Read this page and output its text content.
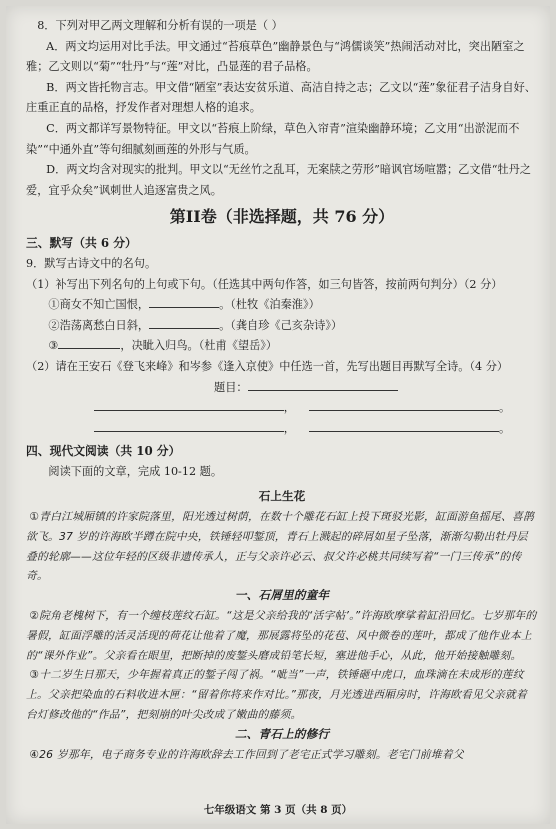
8．下列对甲乙两文理解和分析有误的一项是（ ）

A．两文均运用对比手法。甲文通过“苔痕草色”幽静景色与“鸿儒谈笑”热闹活动对比，突出陋室之雅；乙文则以“菊”“牡丹”与“莲”对比，凸显莲的君子品格。

B．两文皆托物言志。甲文借“陋室”表达安贫乐道、高洁自持之志；乙文以“莲”象征君子洁身自好、庄重正直的品格，抒发作者对理想人格的追求。

C．两文都详写景物特征。甲文以“苔痕上阶绿，草色入帘青”渲染幽静环境；乙文用“出淤泥而不染”“中通外直”等句细腻刻画莲的外形与气质。

D．两文均含对现实的批判。甲文以“无丝竹之乱耳，无案牍之劳形”暗讽官场喧嚣；乙文借“牡丹之爱，宜乎众矣”讽刺世人追逐富贵之风。

第II卷（非选择题，共 76 分）

三、默写（共 6 分）

9．默写古诗文中的名句。

（1）补写出下列名句的上句或下句。（任选其中两句作答，如三句皆答，按前两句判分）（2 分）

①商女不知亡国恨，	。（杜牧《泊秦淮》）

②浩荡离愁白日斜，	。（龚自珍《己亥杂诗》）

③	，决眦入归鸟。（杜甫《望岳》）

（2）请在王安石《登飞来峰》和岑参《逢入京使》中任选一首，先写出题目再默写全诗。（4 分）

题目：

，	。
，	。

四、现代文阅读（共 10 分）

阅读下面的文章，完成 10-12 题。

石上生花

①青白江城厢镇的许家院落里，阳光透过树荫，在数十个雕花石缸上投下斑驳光影，缸面游鱼摇尾、喜鹊欲飞。37 岁的许海欧半蹲在院中央，铁锤轻叩錾顶，青石上溅起的碎屑如星子坠落，渐渐勾勒出牡丹层叠的轮廓——这位年轻的区级非遗传承人，正与父亲许必云、叔父许必桃共同续写着“一门三传承”的传奇。

一、石屑里的童年

②院角老槐树下，有一个缠枝莲纹石缸。“这是父亲给我的‘活字帖’。”许海欧摩挲着缸沿回忆。七岁那年的暑假，缸面浮雕的活灵活现的荷花让他着了魔，那展露将坠的花苞、风中微卷的莲叶，都成了他作业本上的“课外作业”。父亲看在眼里，把断掉的废錾头磨成铅笔长短，塞进他手心，从此，他开始接触雕刻。

③十二岁生日那天，少年握着真正的錾子闯了祸。“呲当”一声，铁锤砸中虎口，血珠滴在未成形的莲纹上。父亲把染血的石料收进木匣：“留着你将来作对比。”那夜，月光透进西厢房时，许海欧看见父亲就着台灯修改他的“作品”，把刻崩的叶尖改成了嫩曲的藤须。

二、青石上的修行

④26 岁那年，电子商务专业的许海欧辞去工作回到了老宅正式学习雕刻。老宅门前堆着父

七年级语文 第 3 页（共 8 页）
